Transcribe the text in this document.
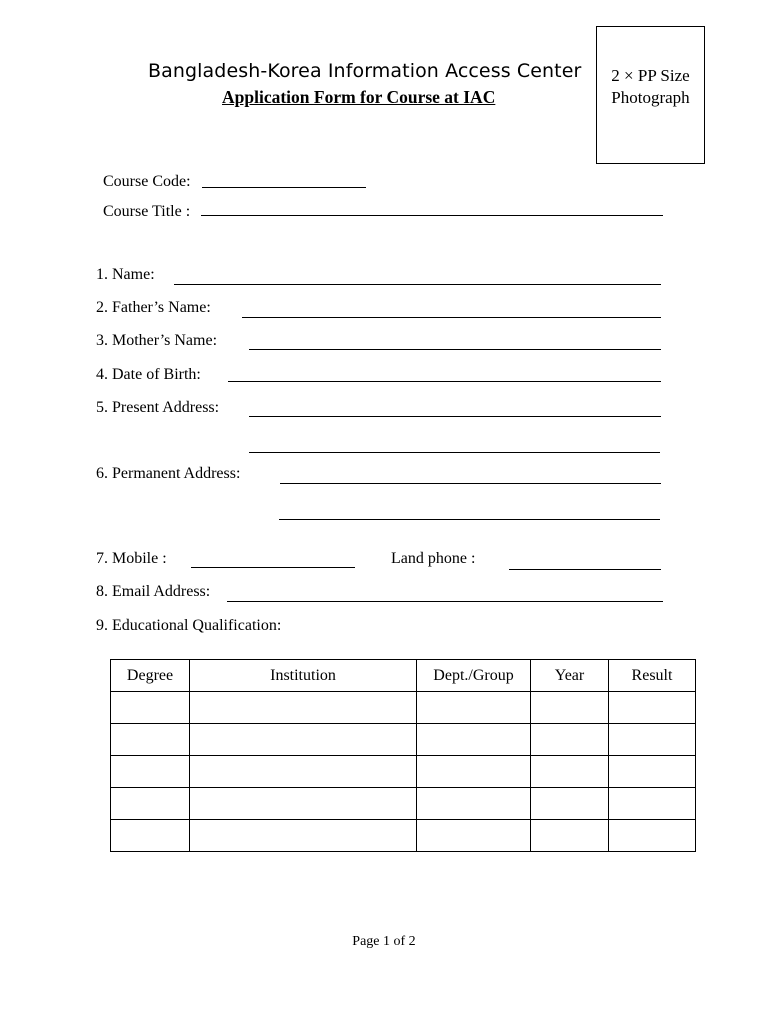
Bangladesh-Korea Information Access Center
Application Form for Course at IAC
2 × PP Size
Photograph
Course Code:
Course Title :
1. Name:
2. Father’s Name:
3. Mother’s Name:
4. Date of Birth:
5. Present Address:
6. Permanent Address:
7. Mobile :	Land phone :
8. Email Address:
9. Educational Qualification:
Degree	Institution	Dept./Group	Year	Result

Page 1 of 2
